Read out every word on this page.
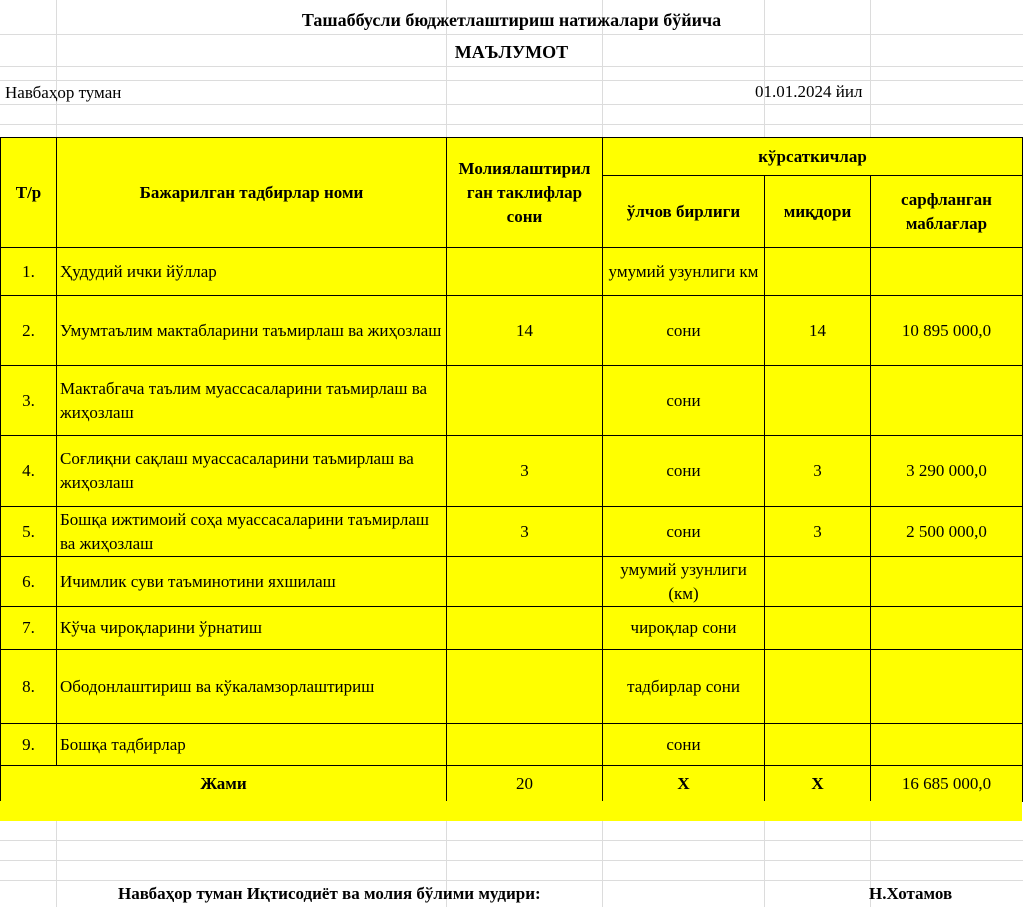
Ташаббусли бюджетлаштириш натижалари бўйича
МАЪЛУМОТ
Навбаҳор туман	01.01.2024 йил
Т/р	Бажарилган тадбирлар номи	Молиялаштирил ган таклифлар сони	кўрсаткичлар		
			ўлчов бирлиги	миқдори	сарфланган маблағлар
1.	Ҳудудий ички йўллар		умумий узунлиги км		
2.	Умумтаълим мактабларини таъмирлаш ва жиҳозлаш	14	сони	14	10 895 000,0
3.	Мактабгача таълим муассасаларини таъмирлаш ва жиҳозлаш		сони		
4.	Соғлиқни сақлаш муассасаларини таъмирлаш ва жиҳозлаш	3	сони	3	3 290 000,0
5.	Бошқа ижтимоий соҳа муассасаларини таъмирлаш ва жиҳозлаш	3	сони	3	2 500 000,0
6.	Ичимлик суви таъминотини яхшилаш		умумий узунлиги (км)		
7.	Кўча чироқларини ўрнатиш		чироқлар сони		
8.	Ободонлаштириш ва кўкаламзорлаштириш		тадбирлар сони		
9.	Бошқа тадбирлар		сони		
Жами		20	X	X	16 685 000,0
Навбаҳор туман Иқтисодиёт ва молия бўлими мудири:	Н.Хотамов
